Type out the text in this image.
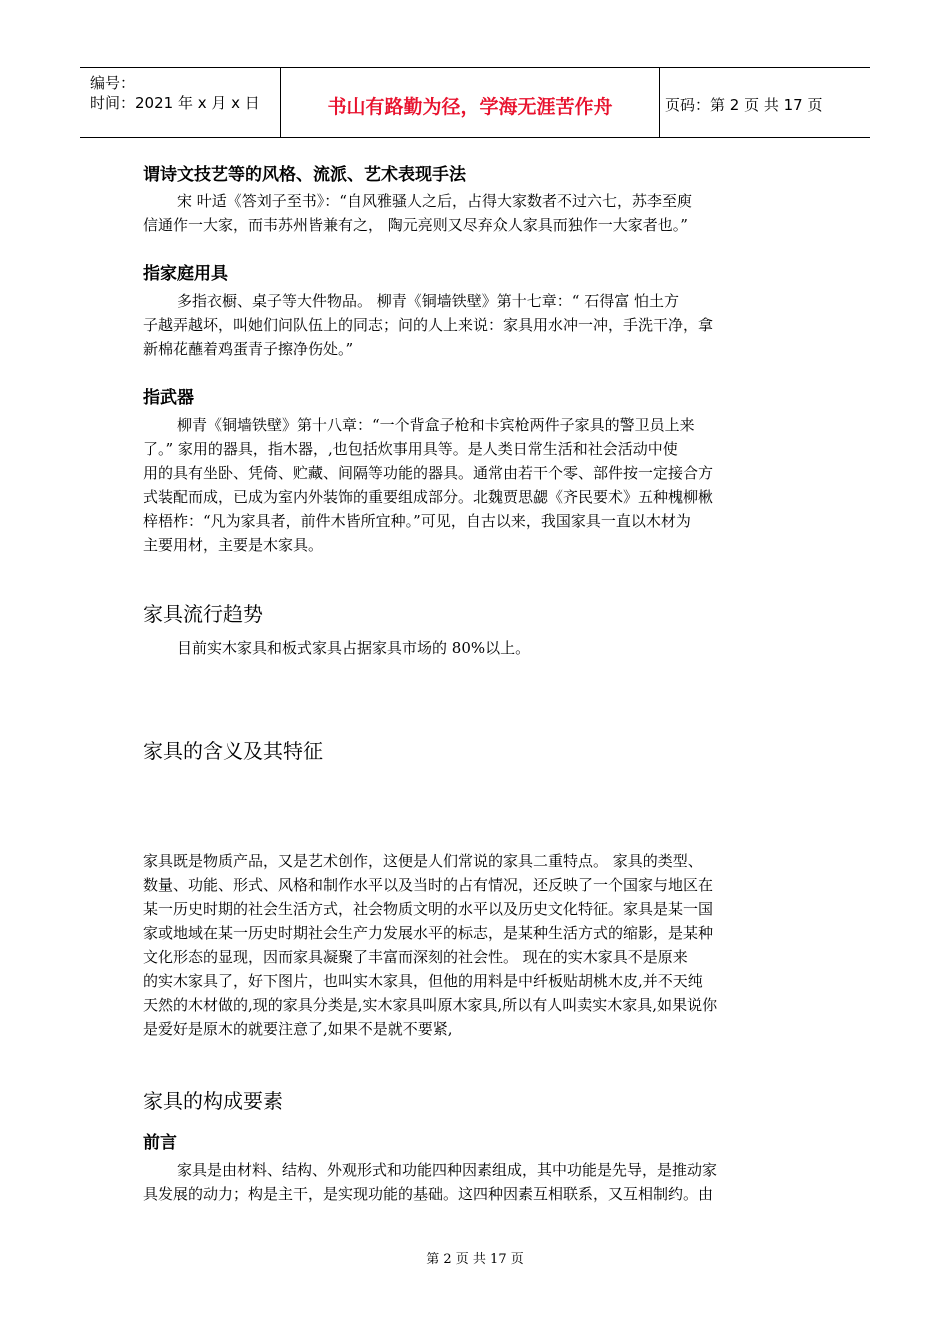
编号：
时间：2021 年 x 月 x 日	书山有路勤为径，学海无涯苦作舟	页码：第 2 页 共 17 页
谓诗文技艺等的风格、流派、艺术表现手法
宋 叶适《答刘子至书》：“自风雅骚人之后，占得大家数者不过六七，苏李至庾
信通作一大家，而韦苏州皆兼有之， 陶元亮则又尽弃众人家具而独作一大家者也。”
指家庭用具
多指衣橱、桌子等大件物品。 柳青《铜墙铁壁》第十七章：“ 石得富 怕土方
子越弄越坏，叫她们问队伍上的同志；问的人上来说：家具用水冲一冲，手洗干净，拿
新棉花蘸着鸡蛋青子擦净伤处。”
指武器
柳青《铜墙铁壁》第十八章：“一个背盒子枪和卡宾枪两件子家具的警卫员上来
了。” 家用的器具，指木器，,也包括炊事用具等。是人类日常生活和社会活动中使
用的具有坐卧、凭倚、贮藏、间隔等功能的器具。通常由若干个零、部件按一定接合方
式装配而成，已成为室内外装饰的重要组成部分。北魏贾思勰《齐民要术》五种槐柳楸
梓梧柞：“凡为家具者，前件木皆所宜种。”可见，自古以来，我国家具一直以木材为
主要用材，主要是木家具。
家具流行趋势
目前实木家具和板式家具占据家具市场的 80%以上。
家具的含义及其特征
家具既是物质产品，又是艺术创作，这便是人们常说的家具二重特点。 家具的类型、
数量、功能、形式、风格和制作水平以及当时的占有情况，还反映了一个国家与地区在
某一历史时期的社会生活方式，社会物质文明的水平以及历史文化特征。家具是某一国
家或地域在某一历史时期社会生产力发展水平的标志，是某种生活方式的缩影，是某种
文化形态的显现，因而家具凝聚了丰富而深刻的社会性。 现在的实木家具不是原来
的实木家具了，好下图片，也叫实木家具，但他的用料是中纤板贴胡桃木皮,并不天纯
天然的木材做的,现的家具分类是,实木家具叫原木家具,所以有人叫卖实木家具,如果说你
是爱好是原木的就要注意了,如果不是就不要紧,
家具的构成要素
前言
家具是由材料、结构、外观形式和功能四种因素组成，其中功能是先导，是推动家
具发展的动力；构是主干，是实现功能的基础。这四种因素互相联系，又互相制约。由
第 2 页 共 17 页
